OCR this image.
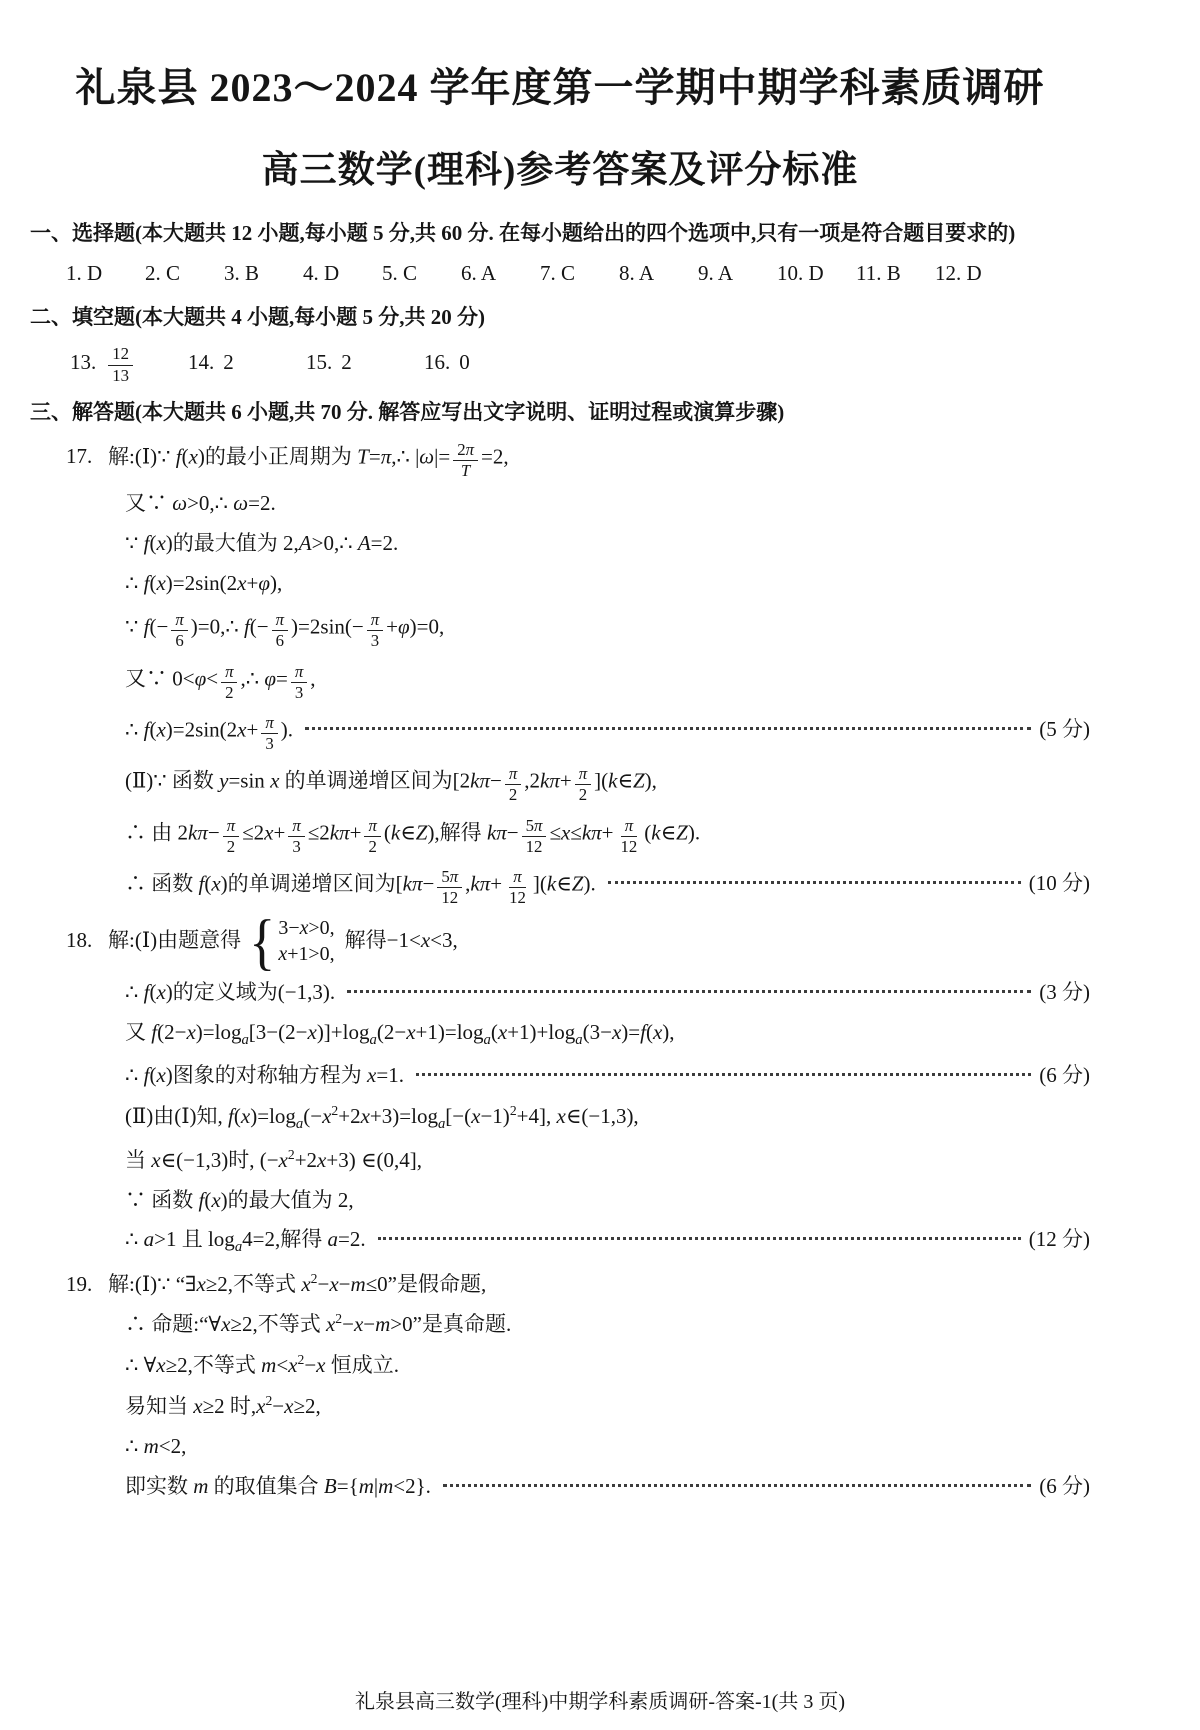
礼泉县 2023～2024 学年度第一学期中期学科素质调研
高三数学(理科)参考答案及评分标准
一、选择题(本大题共 12 小题,每小题 5 分,共 60 分. 在每小题给出的四个选项中,只有一项是符合题目要求的)
1. D	2. C	3. B	4. D	5. C	6. A	7. C	8. A	9. A	10. D	11. B	12. D
二、填空题(本大题共 4 小题,每小题 5 分,共 20 分)
13. $\frac{12}{13}$	14. 2	15. 2	16. 0
三、解答题(本大题共 6 小题,共 70 分. 解答应写出文字说明、证明过程或演算步骤)
17. 解:(Ⅰ)∵ f(x)的最小正周期为 T=π,∴ $|\omega|= \frac{2\pi}{T} =2$,
又∵ ω>0,∴ ω=2.
∵ f(x)的最大值为 2,A>0,∴ A=2.
∴ f(x)=2sin(2x+φ),
∵ $f(- \frac{\pi}{6}$ )=0,∴ $f(- \frac{\pi}{6} )=2\sin(- \frac{\pi}{3} +\varphi)=0$,
又∵ $0<\varphi< \frac{\pi}{2}$ ,∴ $\varphi= \frac{\pi}{3}$ ,
∴ $f(x)=2\sin(2x+ \frac{\pi}{3}$ ).	(5 分)
(Ⅱ)∵ 函数 y=sin x 的单调递增区间为[$2k\pi- \frac{\pi}{2} ,2k\pi+ \frac{\pi}{2}$ ](k∈Z),
∴ 由 $2k\pi- \frac{\pi}{2} \le 2x+ \frac{\pi}{3} \le 2k\pi+ \frac{\pi}{2}$ (k∈Z),解得 $k\pi- \frac{5\pi}{12} \le x\le k\pi+ \frac{\pi}{12}$ (k∈Z).
∴ 函数 f(x)的单调递增区间为[$k\pi- \frac{5\pi}{12} ,k\pi+ \frac{\pi}{12}$ ](k∈Z).	(10 分)
18. 解:(Ⅰ)由题意得 { 3−x>0,
x+1>0,
解得−1<x<3,
∴ f(x)的定义域为(−1,3).	(3 分)
又 $f(2-x)=\log_a[3-(2-x)]+\log_a(2-x+1)=\log_a(x+1)+\log_a(3-x)=f(x)$,
∴ f(x)图象的对称轴方程为 x=1.	(6 分)
(Ⅱ)由(Ⅰ)知, $f(x)=\log_a(-x^2+2x+3)=\log_a[-(x-1)^2+4]$, x∈(−1,3),
当 x∈(−1,3)时, $(-x^2+2x+3)$ ∈(0,4],
∵ 函数 f(x)的最大值为 2,
∴ a>1 且 $\log_a4=2$,解得 a=2.	(12 分)
19. 解:(Ⅰ)∵ “∃x≥2,不等式 $x^2-x-m\le 0$”是假命题,
∴ 命题:“∀x≥2,不等式 $x^2-x-m>0$”是真命题.
∴ ∀x≥2,不等式 $m<x^2-x$ 恒成立.
易知当 x≥2 时$,x^2-x\ge 2$,
∴ m<2,
即实数 m 的取值集合 B={m|m<2}.	(6 分)
礼泉县高三数学(理科)中期学科素质调研-答案-1(共 3 页)
